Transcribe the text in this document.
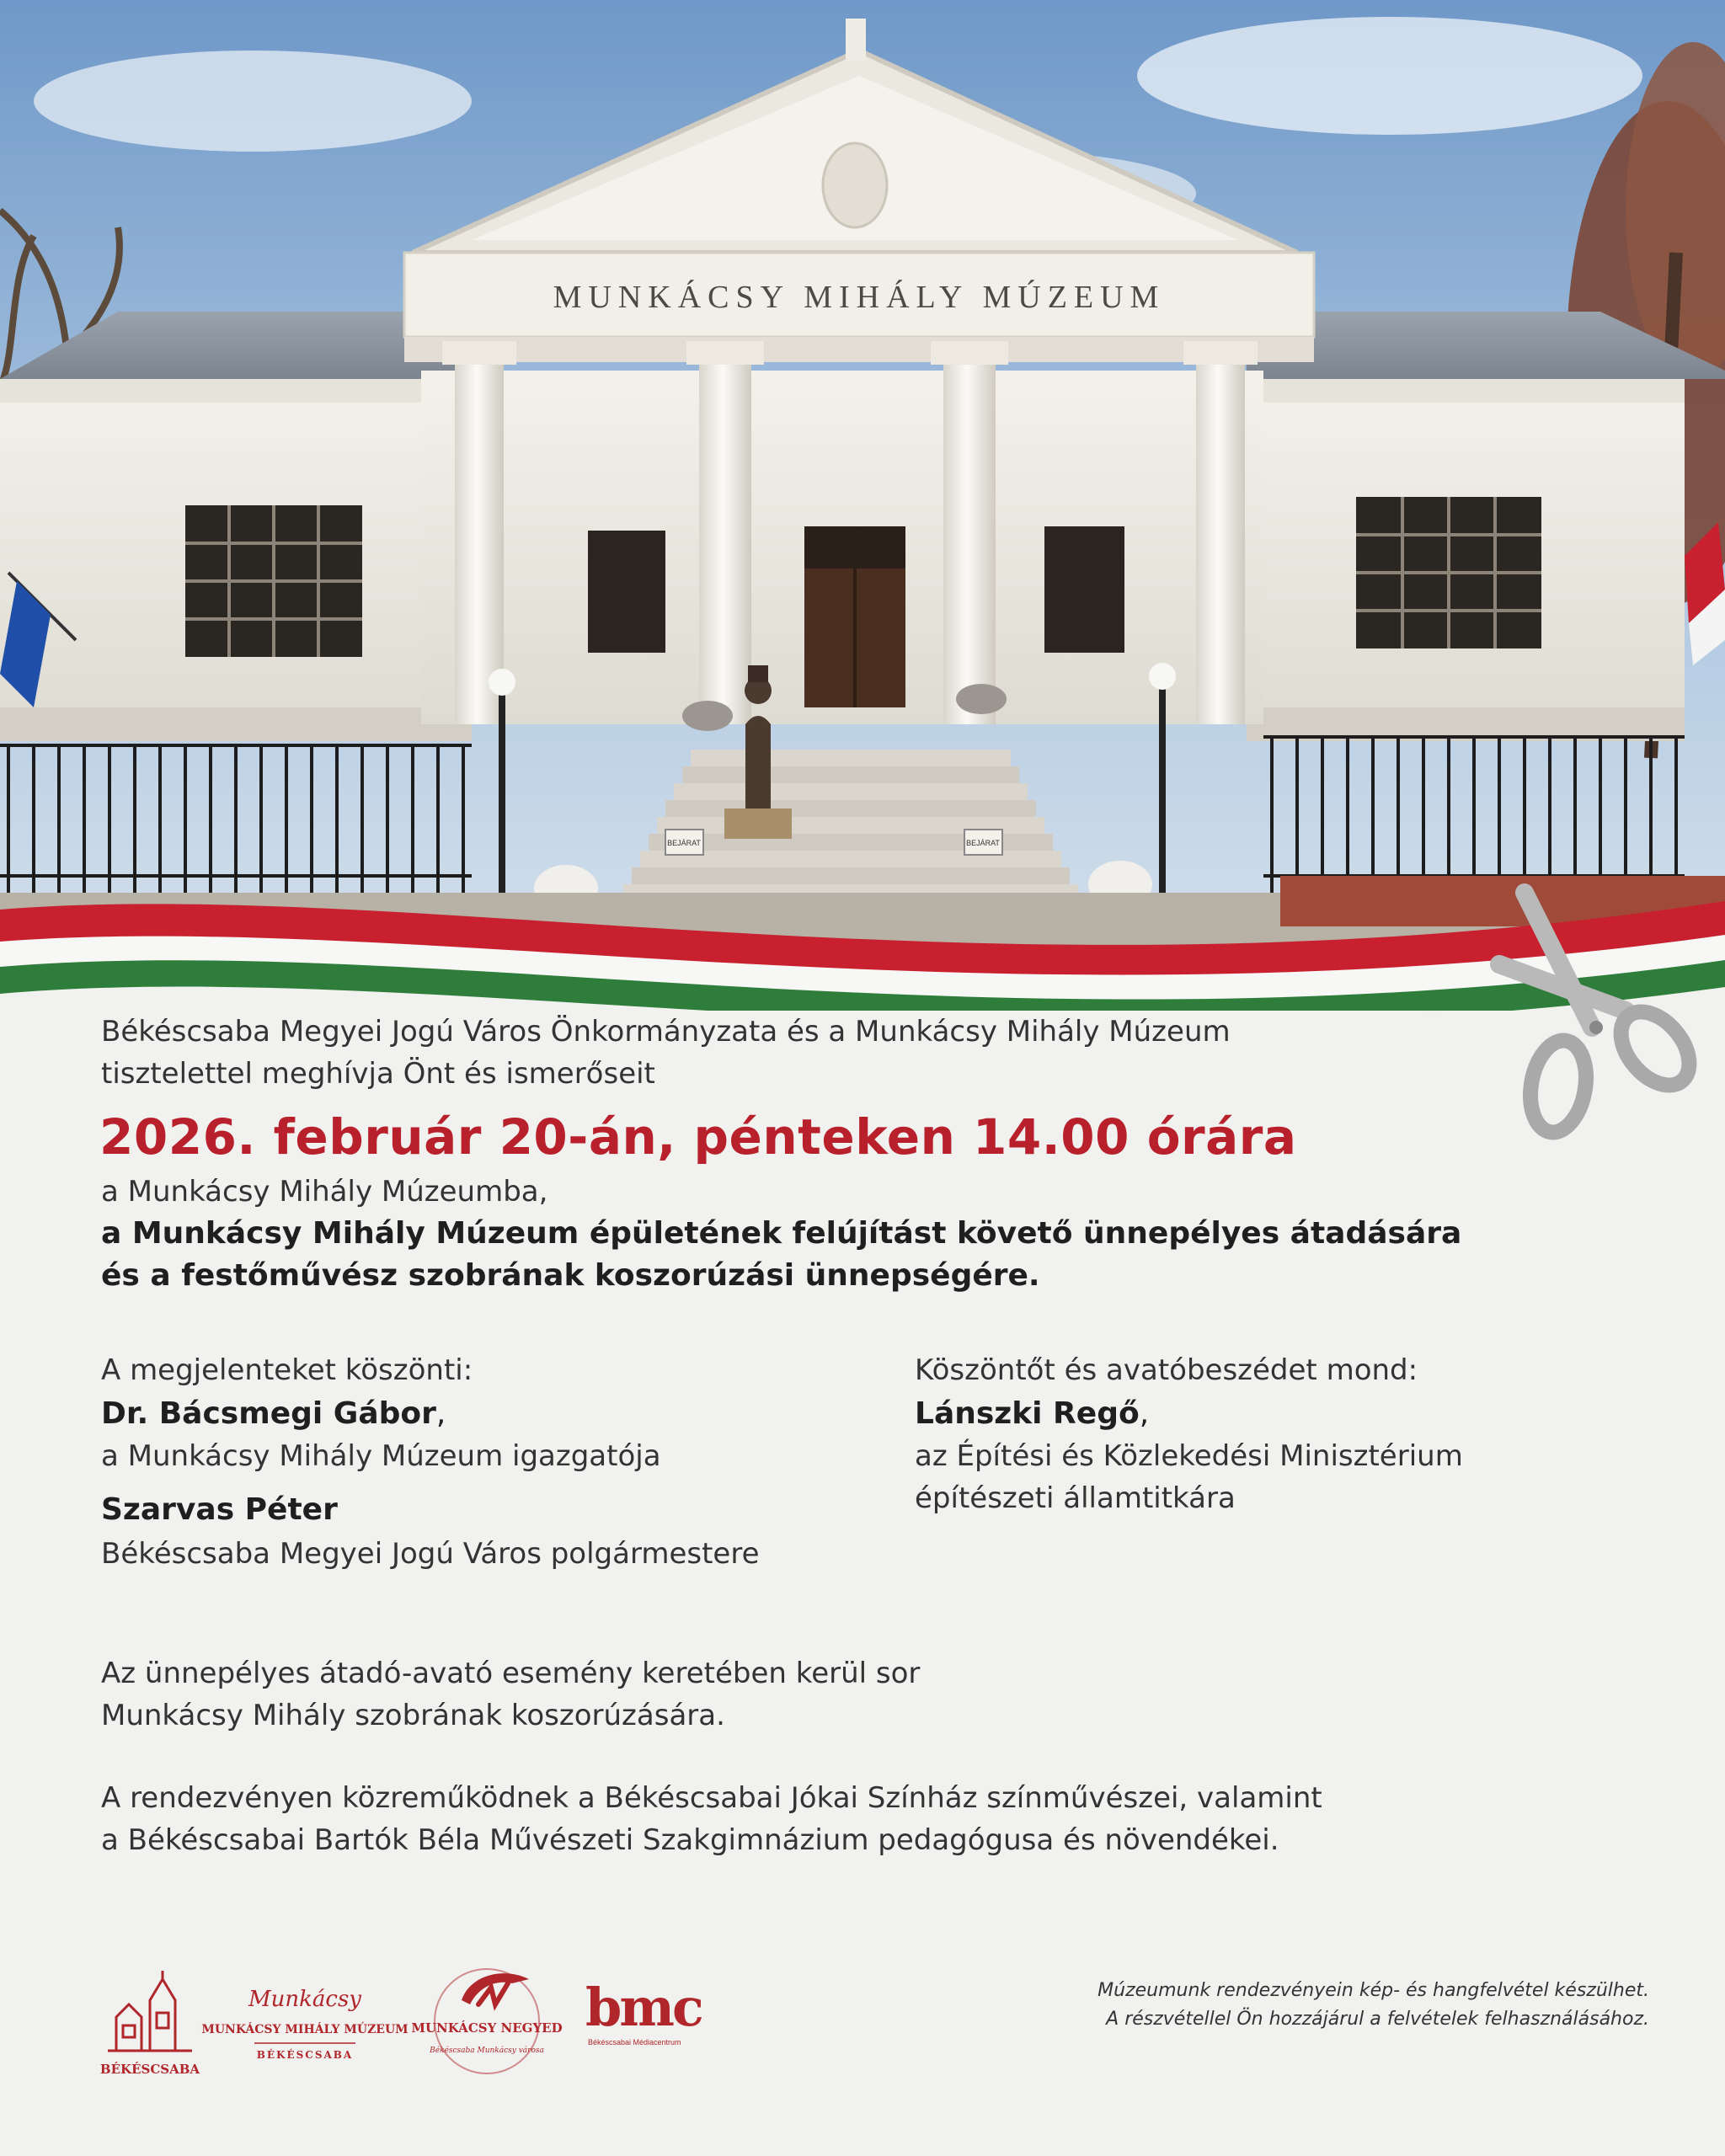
MUNKÁCSY MIHÁLY MÚZEUM
BEJÁRAT	BEJÁRAT
Békéscsaba Megyei Jogú Város Önkormányzata és a Munkácsy Mihály Múzeum
tisztelettel meghívja Önt és ismerőseit
2026. február 20-án, pénteken 14.00 órára
a Munkácsy Mihály Múzeumba,
a Munkácsy Mihály Múzeum épületének felújítást követő ünnepélyes átadására
és a festőművész szobrának koszorúzási ünnepségére.
A megjelenteket köszönti:
Dr. Bácsmegi Gábor,
a Munkácsy Mihály Múzeum igazgatója
Szarvas Péter
Békéscsaba Megyei Jogú Város polgármestere
Köszöntőt és avatóbeszédet mond:
Lánszki Regő,
az Építési és Közlekedési Minisztérium
építészeti államtitkára
Az ünnepélyes átadó-avató esemény keretében kerül sor
Munkácsy Mihály szobrának koszorúzására.
A rendezvényen közreműködnek a Békéscsabai Jókai Színház színművészei, valamint
a Békéscsabai Bartók Béla Művészeti Szakgimnázium pedagógusa és növendékei.
BÉKÉSCSABA
Munkácsy
MUNKÁCSY MIHÁLY MÚZEUM
BÉKÉSCSABA
MUNKÁCSY NEGYED
Békéscsaba Munkácsy városa
bmc
Békéscsabai Médiacentrum
Múzeumunk rendezvényein kép- és hangfelvétel készülhet.
A részvétellel Ön hozzájárul a felvételek felhasználásához.
